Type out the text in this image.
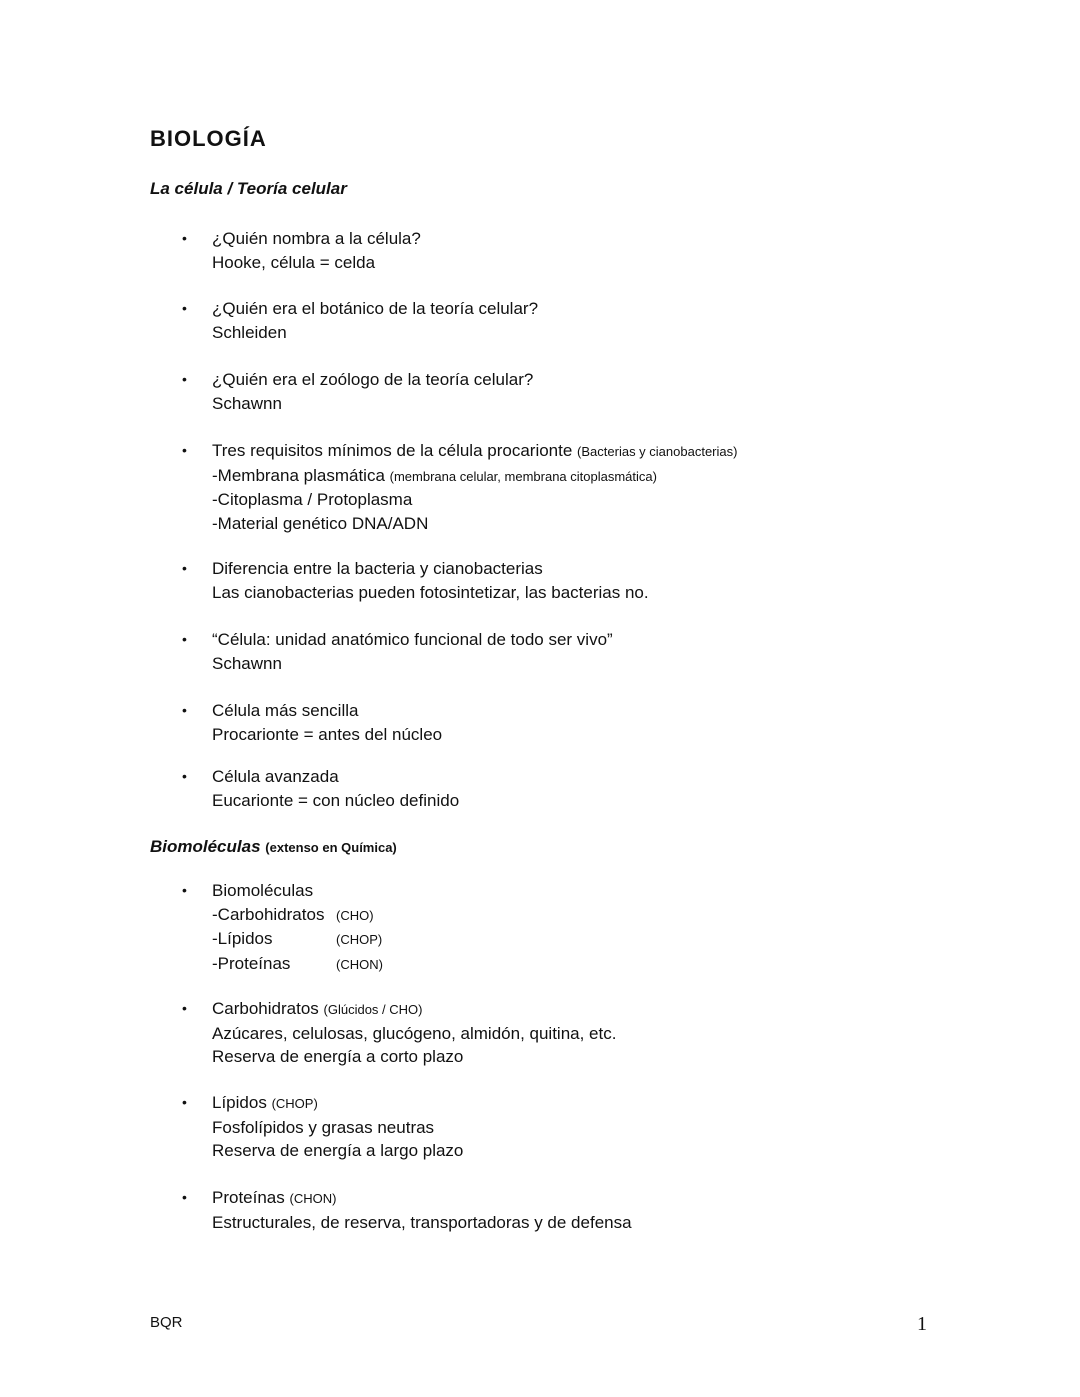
BIOLOGÍA
La célula / Teoría celular
•	¿Quién nombra a la célula?
Hooke, célula = celda
•	¿Quién era el botánico de la teoría celular?
Schleiden
•	¿Quién era el zoólogo de la teoría celular?
Schawnn
•	Tres requisitos mínimos de la célula procarionte (Bacterias y cianobacterias)
-Membrana plasmática (membrana celular, membrana citoplasmática)
-Citoplasma / Protoplasma
-Material genético DNA/ADN
•	Diferencia entre la bacteria y cianobacterias
Las cianobacterias pueden fotosintetizar, las bacterias no.
•	“Célula: unidad anatómico funcional de todo ser vivo”
Schawnn
•	Célula más sencilla
Procarionte = antes del núcleo
•	Célula avanzada
Eucarionte = con núcleo definido
Biomoléculas (extenso en Química)
•	Biomoléculas
-Carbohidratos (CHO)
-Lípidos	(CHOP)
-Proteínas	(CHON)
•	Carbohidratos (Glúcidos / CHO)
Azúcares, celulosas, glucógeno, almidón, quitina, etc.
Reserva de energía a corto plazo
•	Lípidos (CHOP)
Fosfolípidos y grasas neutras
Reserva de energía a largo plazo
•	Proteínas (CHON)
Estructurales, de reserva, transportadoras y de defensa
BQR	1
